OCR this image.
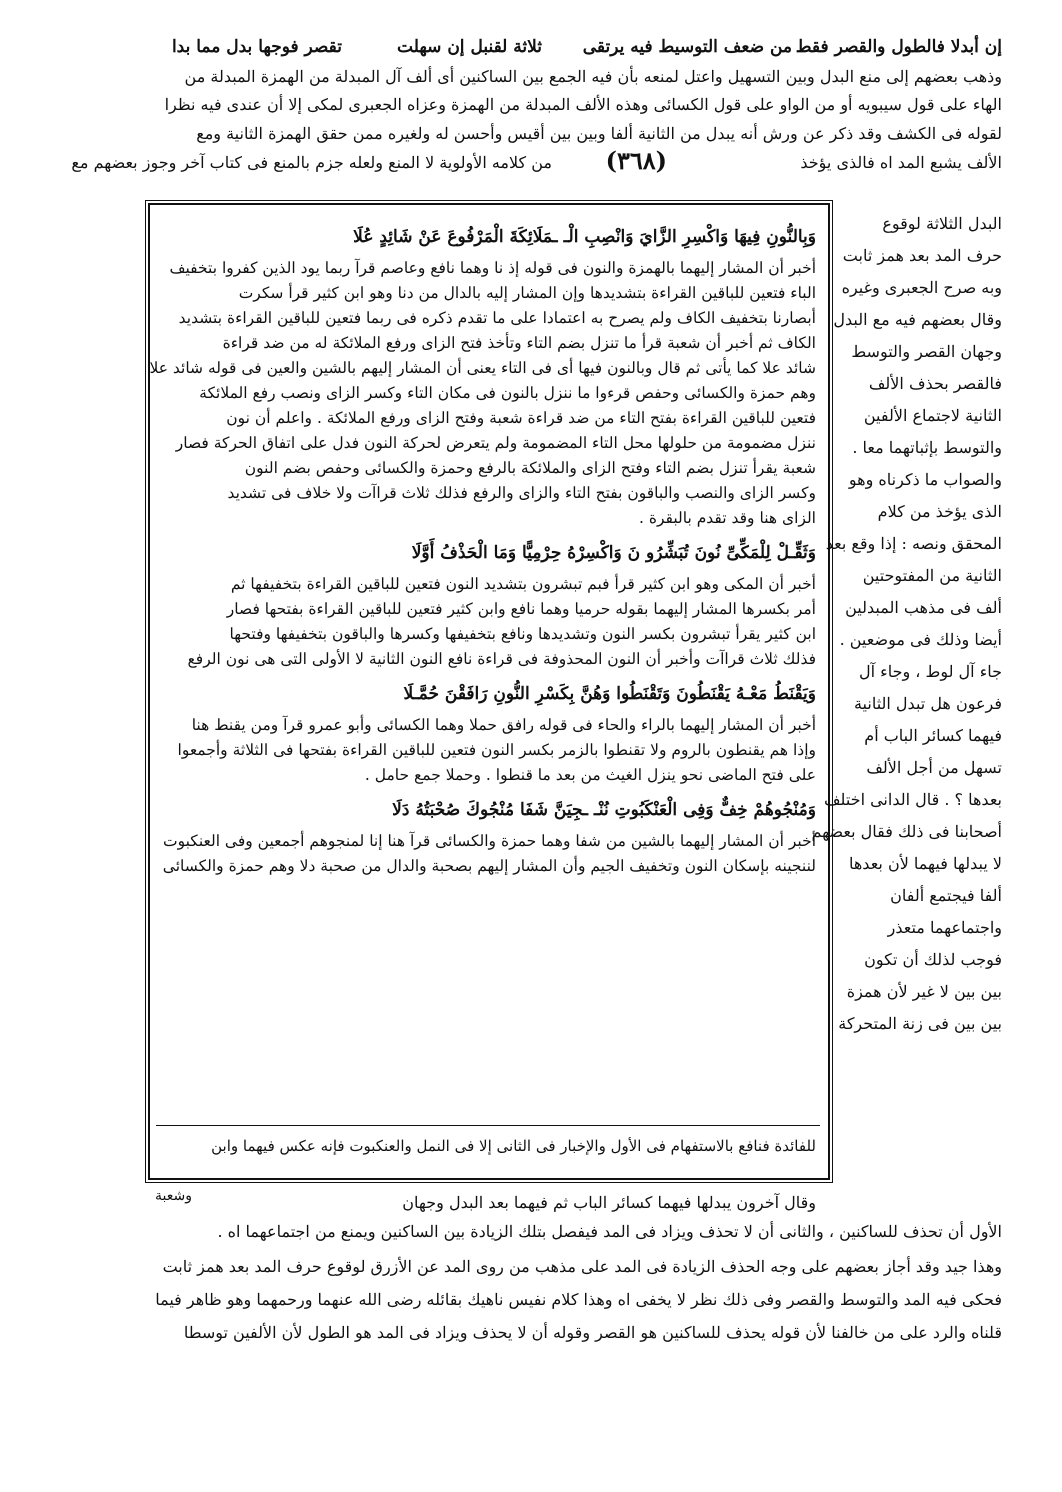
إن أبدلا فالطول والقصر فقط
من ضعف التوسيط فيه يرتقى
ثلاثة لقنبل إن سهلت
تقصر فوجها بدل مما بدا
وذهب بعضهم إلى منع البدل وبين التسهيل واعتل لمنعه بأن فيه الجمع بين الساكنين أى ألف آل المبدلة من الهمزة المبدلة من
الهاء على قول سيبويه أو من الواو على قول الكسائى وهذه الألف المبدلة من الهمزة وعزاه الجعبرى لمكى إلا أن عندى فيه نظرا
لقوله فى الكشف وقد ذكر عن ورش أنه يبدل من الثانية ألفا وبين بين أقيس وأحسن له ولغيره ممن حقق الهمزة الثانية ومع
الألف يشبع المد اه فالذى يؤخذ
(٣٦٨)
من كلامه الأولوية لا المنع ولعله جزم بالمنع فى كتاب آخر وجوز بعضهم مع
البدل الثلاثة لوقوع
حرف المد بعد همز ثابت
وبه صرح الجعبرى وغيره
وقال بعضهم فيه مع البدل
وجهان القصر والتوسط
فالقصر بحذف الألف
الثانية لاجتماع الألفين
والتوسط بإثباتهما معا .
والصواب ما ذكرناه وهو
الذى يؤخذ من كلام
المحقق ونصه : إذا وقع بعد
الثانية من المفتوحتين
ألف فى مذهب المبدلين
أيضا وذلك فى موضعين .
جاء آل لوط ، وجاء آل
فرعون هل تبدل الثانية
فيهما كسائر الباب أم
تسهل من أجل الألف
بعدها ؟ . قال الدانى اختلف
أصحابنا فى ذلك فقال بعضهم
لا يبدلها فيهما لأن بعدها
ألفا فيجتمع ألفان
واجتماعهما متعذر
فوجب لذلك أن تكون
بين بين لا غير لأن همزة
بين بين فى زنة المتحركة
وَبِالنُّونِ فِيهَا وَاكْسِرِ الزَّايَ وَانْصِبِ الْـ ـمَلَائِكَةَ الْمَرْفُوعَ عَنْ شَائِدٍ عُلَا
أخبر أن المشار إليهما بالهمزة والنون فى قوله إذ نا وهما نافع وعاصم قرآ ربما يود الذين كفروا بتخفيف
الباء فتعين للباقين القراءة بتشديدها وإن المشار إليه بالدال من دنا وهو ابن كثير قرأ سكرت
أبصارنا بتخفيف الكاف ولم يصرح به اعتمادا على ما تقدم ذكره فى ربما فتعين للباقين القراءة بتشديد
الكاف ثم أخبر أن شعبة قرأ ما تنزل بضم التاء وتأخذ فتح الزاى ورفع الملائكة له من ضد قراءة
شائد علا كما يأتى ثم قال وبالنون فيها أى فى التاء يعنى أن المشار إليهم بالشين والعين فى قوله شائد علا
وهم حمزة والكسائى وحفص قرءوا ما ننزل بالنون فى مكان التاء وكسر الزاى ونصب رفع الملائكة
فتعين للباقين القراءة بفتح التاء من ضد قراءة شعبة وفتح الزاى ورفع الملائكة . واعلم أن نون
ننزل مضمومة من حلولها محل التاء المضمومة ولم يتعرض لحركة النون فدل على اتفاق الحركة فصار
شعبة يقرأ تنزل بضم التاء وفتح الزاى والملائكة بالرفع وحمزة والكسائى وحفص بضم النون
وكسر الزاى والنصب والباقون بفتح التاء والزاى والرفع فذلك ثلاث قراآت ولا خلاف فى تشديد
الزاى هنا وقد تقدم بالبقرة .
وَثَقِّـلْ لِلْمَكِّىِّ نُونَ تُبَشِّرُو نَ وَاكْسِرْهُ حِرْمِيًّا وَمَا الْحَذْفُ أَوَّلَا
أخبر أن المكى وهو ابن كثير قرأ فبم تبشرون بتشديد النون فتعين للباقين القراءة بتخفيفها ثم
أمر بكسرها المشار إليهما بقوله حرميا وهما نافع وابن كثير فتعين للباقين القراءة بفتحها فصار
ابن كثير يقرأ تبشرون بكسر النون وتشديدها ونافع بتخفيفها وكسرها والباقون بتخفيفها وفتحها
فذلك ثلاث قراآت وأخبر أن النون المحذوفة فى قراءة نافع النون الثانية لا الأولى التى هى نون الرفع
وَيَقْنَطُ مَعْـهُ يَقْنَطُونَ وَتَقْنَطُوا وَهُنَّ بِكَسْرِ النُّونِ رَافَقْنَ حُمَّـلَا
أخبر أن المشار إليهما بالراء والحاء فى قوله رافق حملا وهما الكسائى وأبو عمرو قرآ ومن يقنط هنا
وإذا هم يقنطون بالروم ولا تقنطوا بالزمر بكسر النون فتعين للباقين القراءة بفتحها فى الثلاثة وأجمعوا
على فتح الماضى نحو ينزل الغيث من بعد ما قنطوا . وحملا جمع حامل .
وَمُنْجُوهُمْ خِفٌّ وَفِى الْعَنْكَبُوتِ نُنْـ ـجِيَنَّ شَفَا مُنْجُوكَ صُحْبَتُهُ دَلَا
أخبر أن المشار إليهما بالشين من شفا وهما حمزة والكسائى قرآ هنا إنا لمنجوهم أجمعين وفى العنكبوت
لننجينه بإسكان النون وتخفيف الجيم وأن المشار إليهم بصحبة والدال من صحبة دلا وهم حمزة والكسائى
للفائدة فنافع بالاستفهام فى الأول والإخبار فى الثانى إلا فى النمل والعنكبوت فإنه عكس فيهما وابن
وشعبة	وقال آخرون يبدلها فيهما كسائر الباب ثم فيهما بعد البدل وجهان
الأول أن تحذف للساكنين ، والثانى أن لا تحذف ويزاد فى المد فيفصل بتلك الزيادة بين الساكنين ويمنع من اجتماعهما اه .
وهذا جيد وقد أجاز بعضهم على وجه الحذف الزيادة فى المد على مذهب من روى المد عن الأزرق لوقوع حرف المد بعد همز ثابت
فحكى فيه المد والتوسط والقصر وفى ذلك نظر لا يخفى اه وهذا كلام نفيس ناهيك بقائله رضى الله عنهما ورحمهما وهو ظاهر فيما
قلناه والرد على من خالفنا لأن قوله يحذف للساكنين هو القصر وقوله أن لا يحذف ويزاد فى المد هو الطول لأن الألفين توسطا
